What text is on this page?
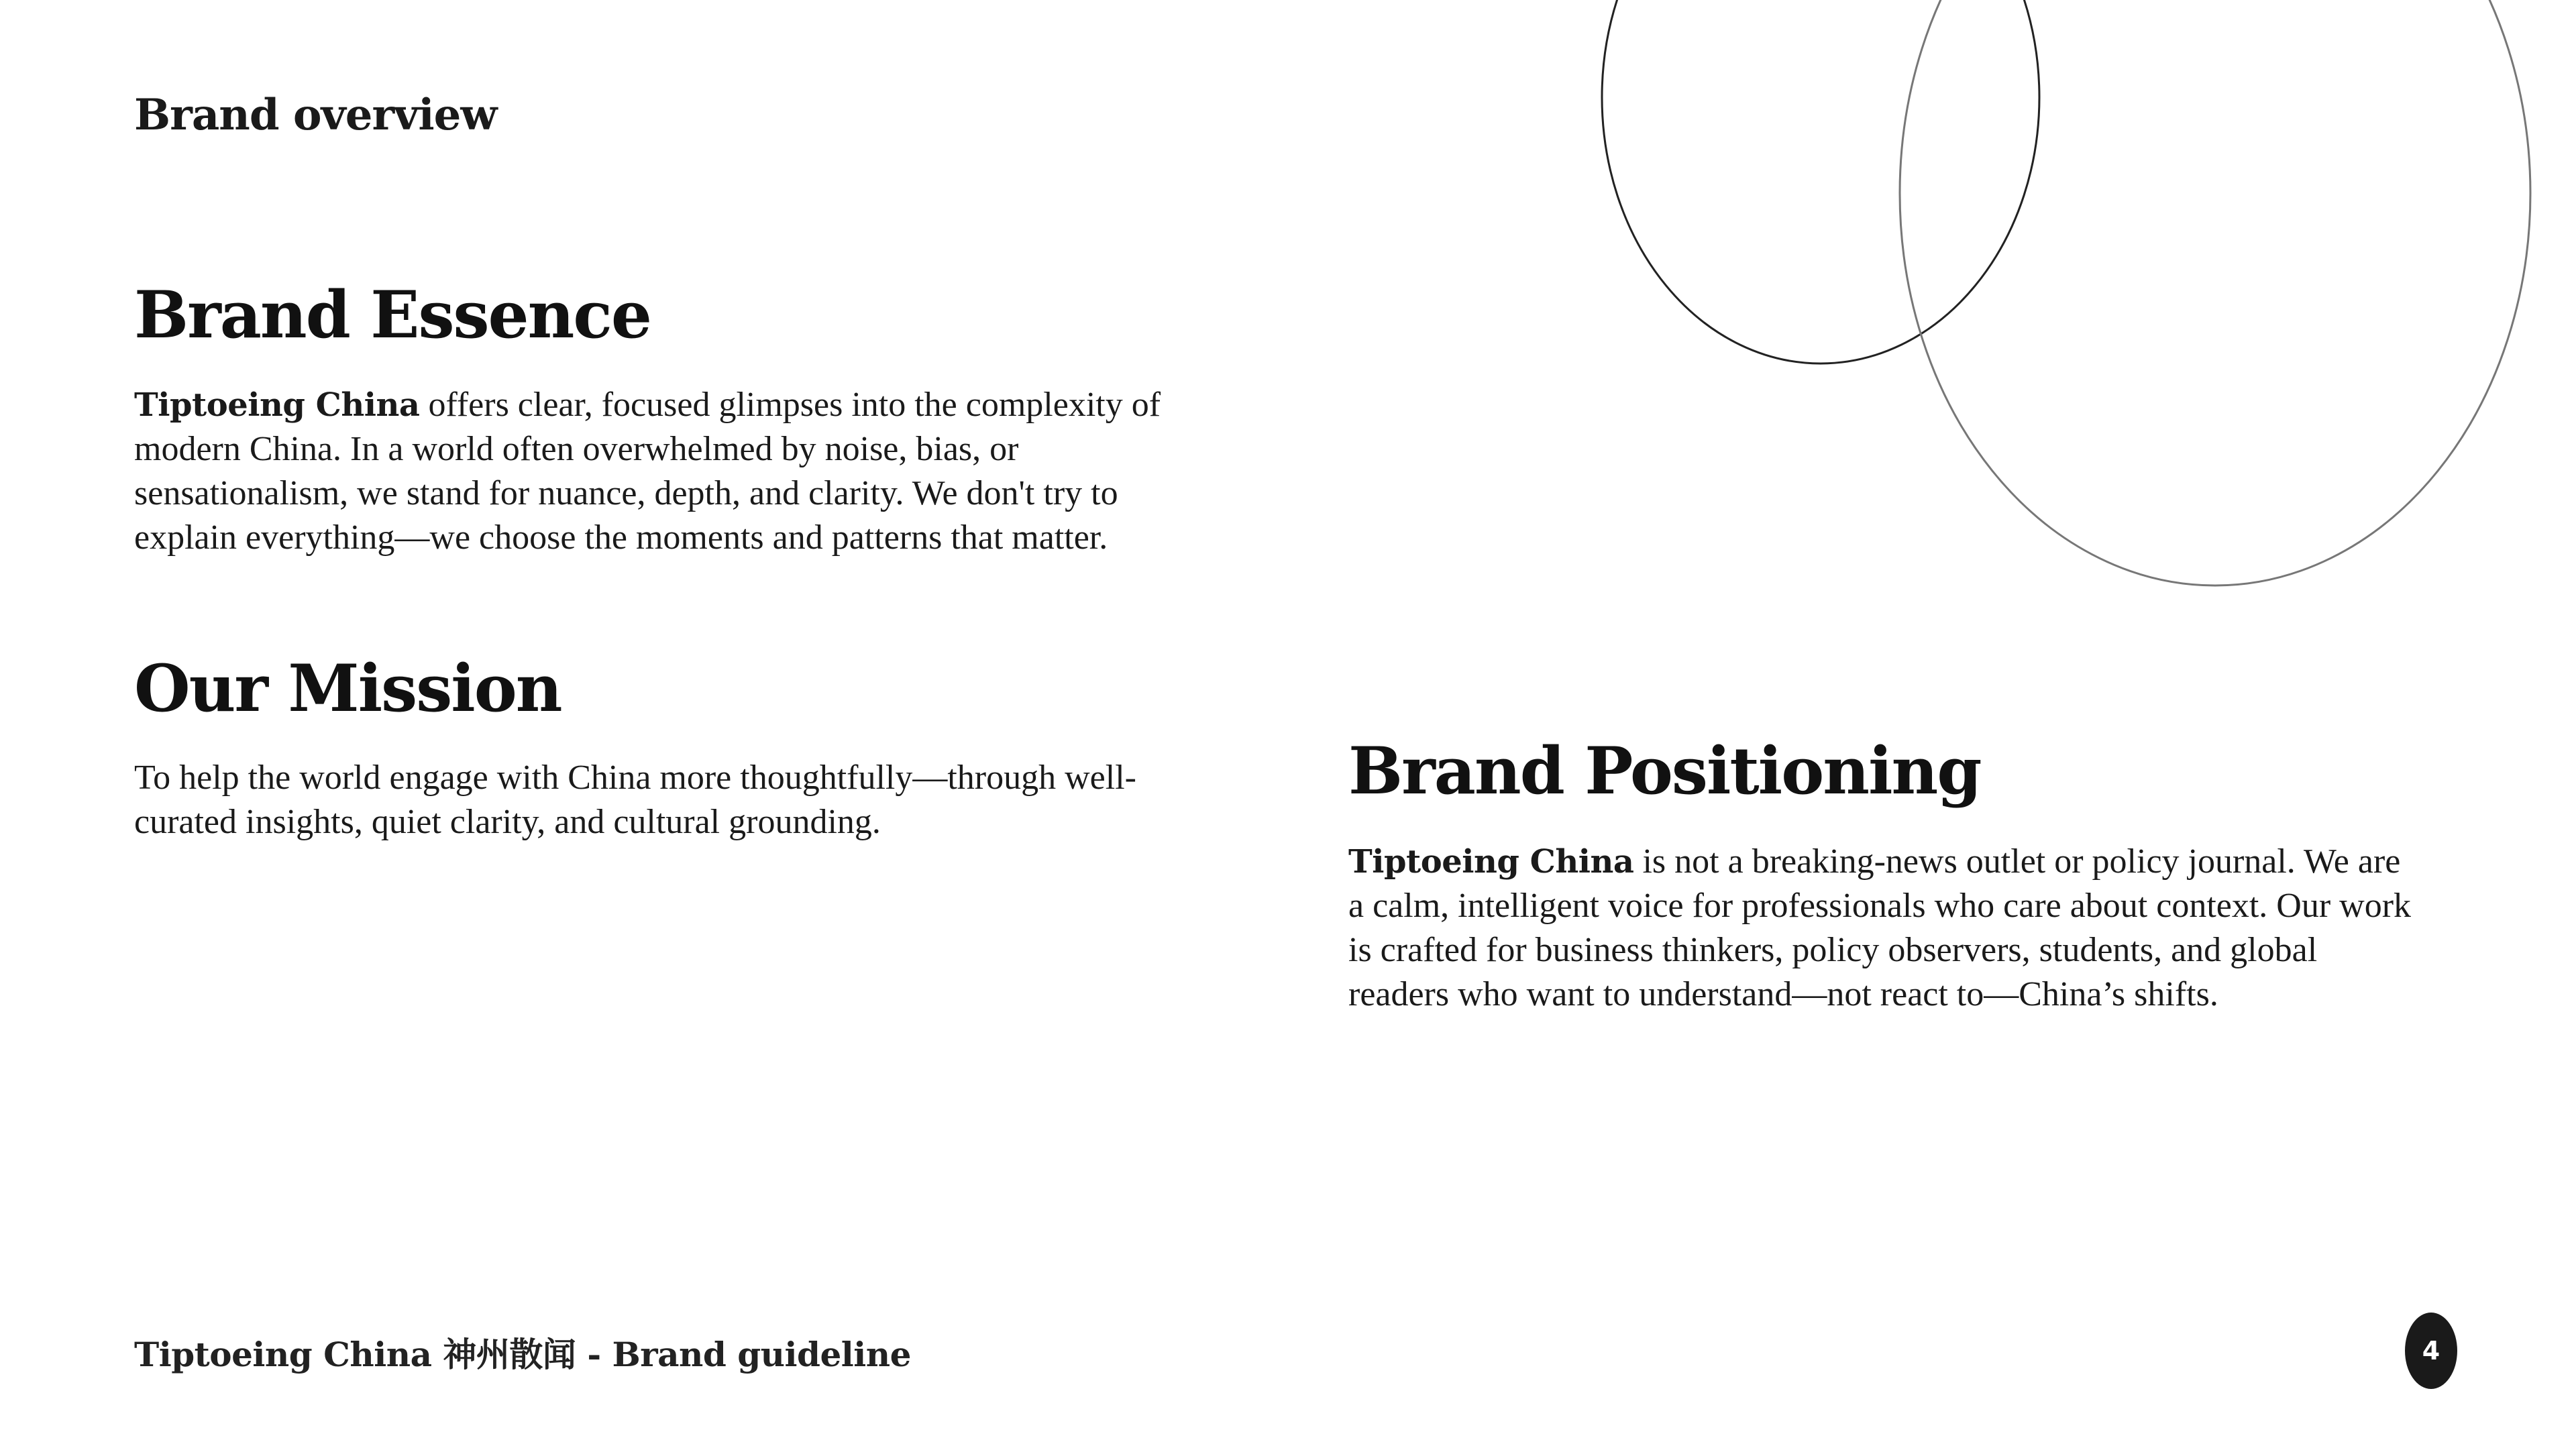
Brand overview
Brand Essence

Tiptoeing China offers clear, focused glimpses into the complexity of modern China. In a world often overwhelmed by noise, bias, or sensationalism, we stand for nuance, depth, and clarity. We don't try to explain everything—we choose the moments and patterns that matter.

Our Mission

To help the world engage with China more thoughtfully—through well-curated insights, quiet clarity, and cultural grounding.

Brand Positioning

Tiptoeing China is not a breaking-news outlet or policy journal. We are a calm, intelligent voice for professionals who care about context. Our work is crafted for business thinkers, policy observers, students, and global readers who want to understand—not react to—China’s shifts.

Tiptoeing China 神州散闻 - Brand guideline	4
